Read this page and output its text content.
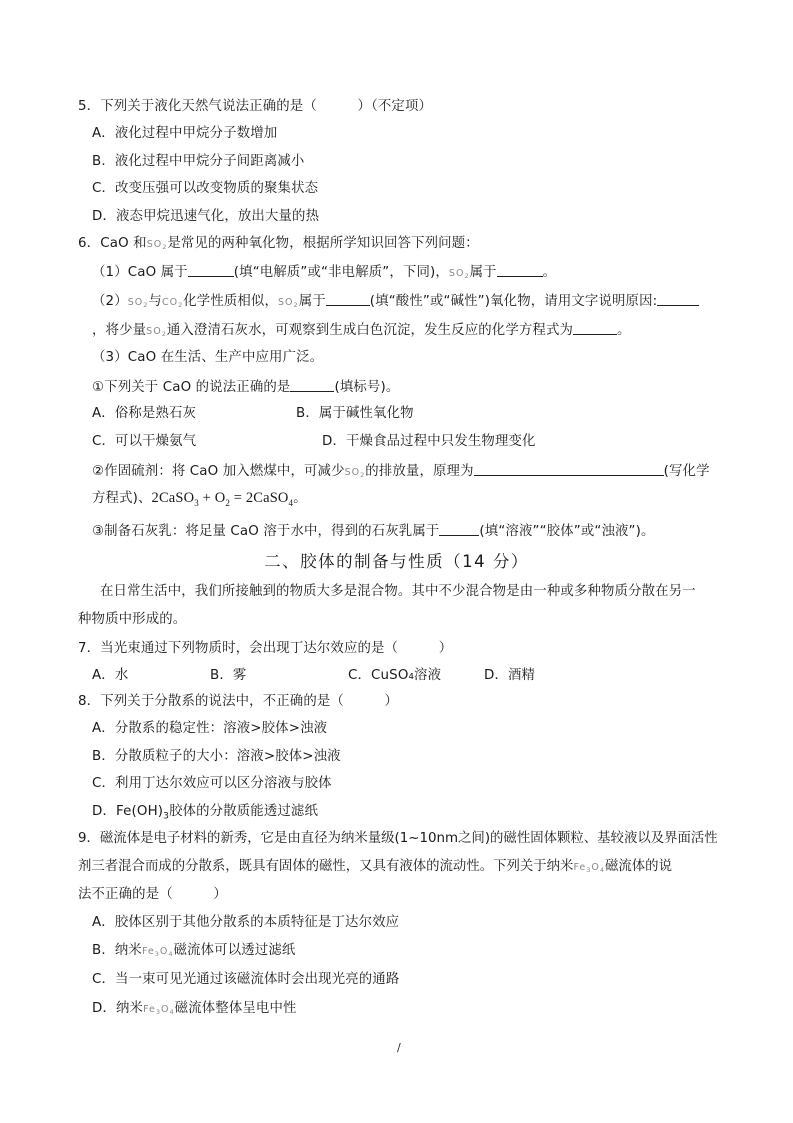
5．下列关于液化天然气说法正确的是（　　　）（不定项）
A．液化过程中甲烷分子数增加
B．液化过程中甲烷分子间距离减小
C．改变压强可以改变物质的聚集状态
D．液态甲烷迅速气化，放出大量的热
6．CaO 和$SO_2$是常见的两种氧化物，根据所学知识回答下列问题：
（1）CaO 属于	(填“电解质”或“非电解质”，下同)，$SO_2$属于	。
$(2)SO_2$与$CO_2$化学性质相似，$SO_2$属于	(填“酸性”或“碱性”)氧化物，请用文字说明原因:
，将少量$SO_2$通入澄清石灰水，可观察到生成白色沉淀，发生反应的化学方程式为	。
（3）CaO 在生活、生产中应用广泛。
①下列关于 CaO 的说法正确的是	(填标号)。
A．俗称是熟石灰	B．属于碱性氧化物
C．可以干燥氨气	D．干燥食品过程中只发生物理变化
②作固硫剂：将 CaO 加入燃煤中，可减少$SO_2$的排放量，原理为	(写化学
方程式)、2CaSO$_3$ + $O_2$ = 2CaSO$_4$。
③制备石灰乳：将足量 CaO 溶于水中，得到的石灰乳属于	(填“溶液”“胶体”或“浊液”)。
二、胶体的制备与性质（14 分）
在日常生活中，我们所接触到的物质大多是混合物。其中不少混合物是由一种或多种物质分散在另一
种物质中形成的。
7．当光束通过下列物质时，会出现丁达尔效应的是（　　　）
A．水	B．雾	C．CuSO₄溶液	D．酒精
8．下列关于分散系的说法中，不正确的是（　　　）
A．分散系的稳定性：溶液>胶体>浊液
B．分散质粒子的大小：溶液>胶体>浊液
C．利用丁达尔效应可以区分溶液与胶体
D．$Fe(OH)_3$胶体的分散质能透过滤纸
9．磁流体是电子材料的新秀，它是由直径为纳米量级(1~10nm之间)的磁性固体颗粒、基较液以及界面活性
剂三者混合而成的分散系，既具有固体的磁性，又具有液体的流动性。下列关于纳米$Fe_3O_4$磁流体的说
法不正确的是（　　　）
A．胶体区别于其他分散系的本质特征是丁达尔效应
B．纳米$Fe_3O_4$磁流体可以透过滤纸
C．当一束可见光通过该磁流体时会出现光亮的通路
D．纳米$Fe_3O_4$磁流体整体呈电中性
/
